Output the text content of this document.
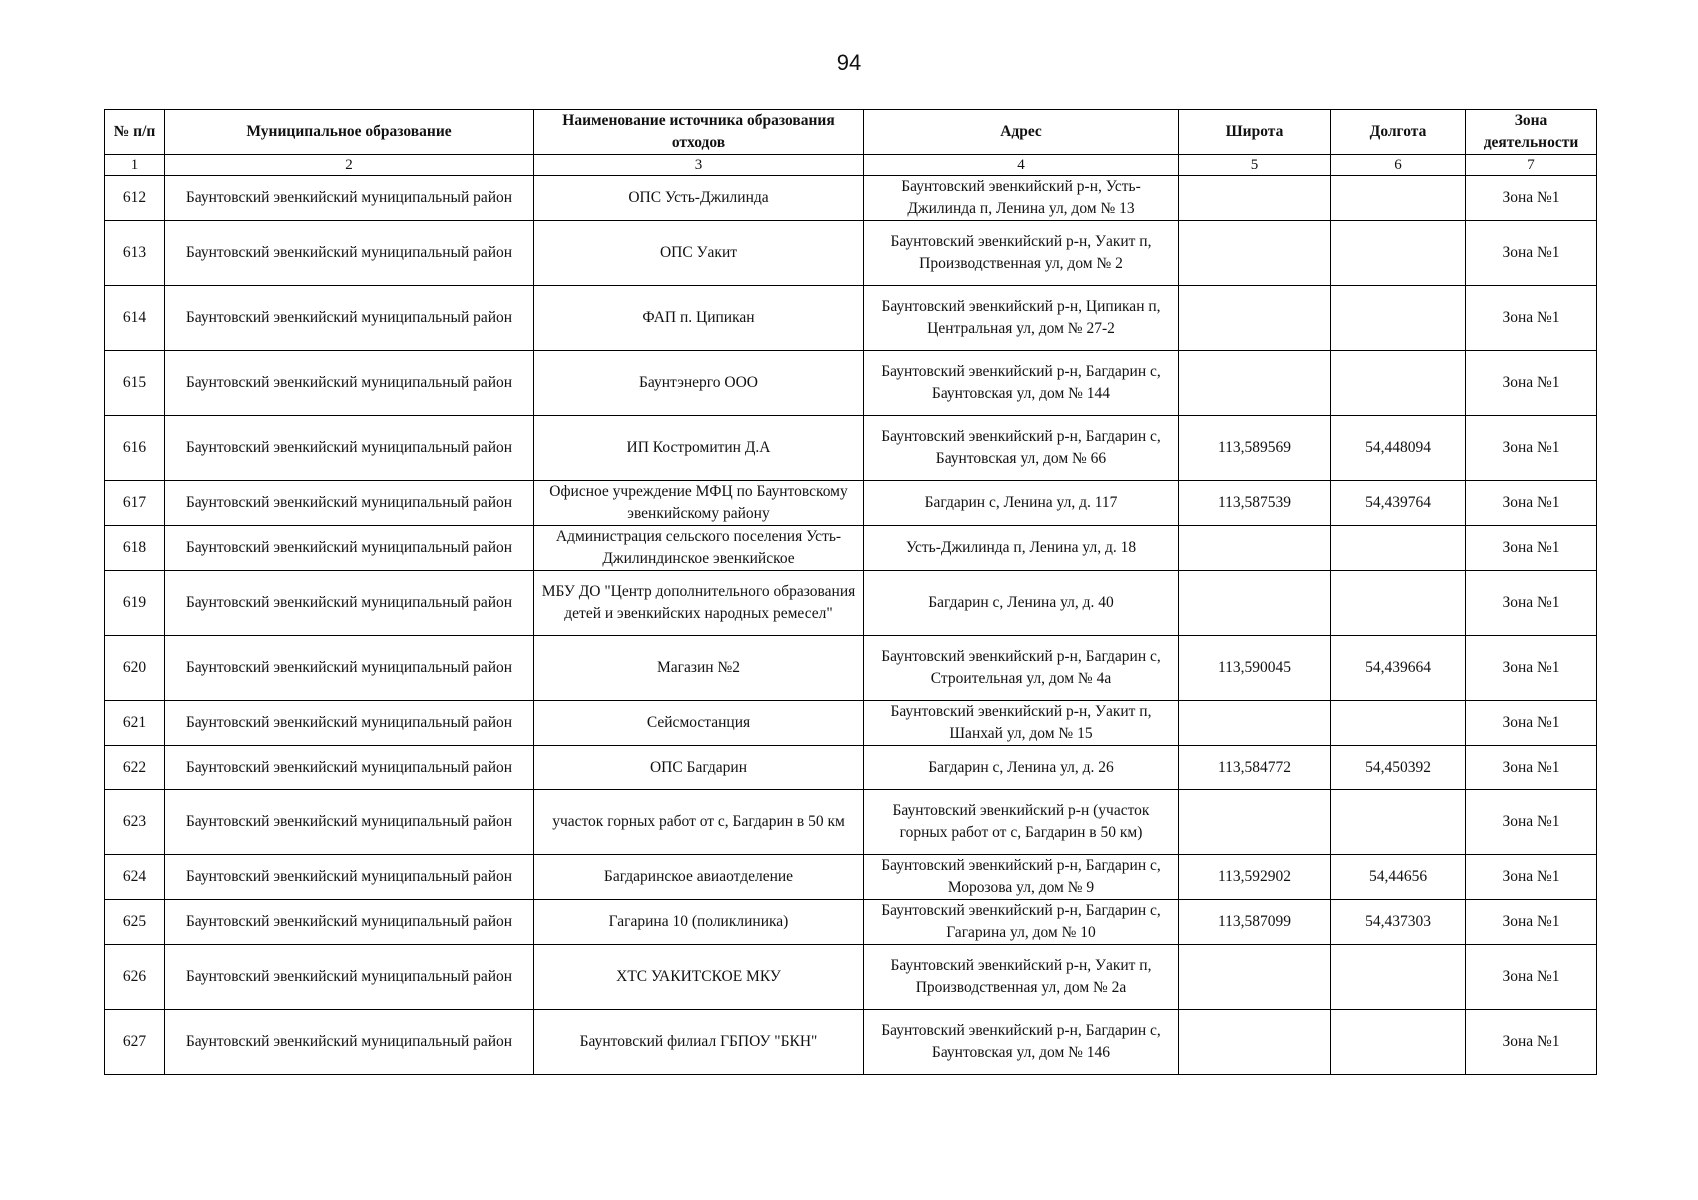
94
№ п/п	Муниципальное образование	Наименование источника образования отходов	Адрес	Широта	Долгота	Зона деятельности
1	2	3	4	5	6	7
612	Баунтовский эвенкийский муниципальный район	ОПС Усть-Джилинда	Баунтовский эвенкийский р-н, Усть-Джилинда п, Ленина ул, дом № 13			Зона №1
613	Баунтовский эвенкийский муниципальный район	ОПС Уакит	Баунтовский эвенкийский р-н, Уакит п, Производственная ул, дом № 2			Зона №1
614	Баунтовский эвенкийский муниципальный район	ФАП п. Ципикан	Баунтовский эвенкийский р-н, Ципикан п, Центральная ул, дом № 27-2			Зона №1
615	Баунтовский эвенкийский муниципальный район	Баунтэнерго ООО	Баунтовский эвенкийский р-н, Багдарин с, Баунтовская ул, дом № 144			Зона №1
616	Баунтовский эвенкийский муниципальный район	ИП Костромитин Д.А	Баунтовский эвенкийский р-н, Багдарин с, Баунтовская ул, дом № 66	113,589569	54,448094	Зона №1
617	Баунтовский эвенкийский муниципальный район	Офисное учреждение МФЦ по Баунтовскому эвенкийскому району	Багдарин с, Ленина ул, д. 117	113,587539	54,439764	Зона №1
618	Баунтовский эвенкийский муниципальный район	Администрация сельского поселения Усть-Джилиндинское эвенкийское	Усть-Джилинда п, Ленина ул, д. 18			Зона №1
619	Баунтовский эвенкийский муниципальный район	МБУ ДО "Центр дополнительного образования детей и эвенкийских народных ремесел"	Багдарин с, Ленина ул, д. 40			Зона №1
620	Баунтовский эвенкийский муниципальный район	Магазин №2	Баунтовский эвенкийский р-н, Багдарин с, Строительная ул, дом № 4а	113,590045	54,439664	Зона №1
621	Баунтовский эвенкийский муниципальный район	Сейсмостанция	Баунтовский эвенкийский р-н, Уакит п, Шанхай ул, дом № 15			Зона №1
622	Баунтовский эвенкийский муниципальный район	ОПС Багдарин	Багдарин с, Ленина ул, д. 26	113,584772	54,450392	Зона №1
623	Баунтовский эвенкийский муниципальный район	участок горных работ от с, Багдарин в 50 км	Баунтовский эвенкийский р-н (участок горных работ от с, Багдарин в 50 км)			Зона №1
624	Баунтовский эвенкийский муниципальный район	Багдаринское авиаотделение	Баунтовский эвенкийский р-н, Багдарин с, Морозова ул, дом № 9	113,592902	54,44656	Зона №1
625	Баунтовский эвенкийский муниципальный район	Гагарина 10 (поликлиника)	Баунтовский эвенкийский р-н, Багдарин с, Гагарина ул, дом № 10	113,587099	54,437303	Зона №1
626	Баунтовский эвенкийский муниципальный район	ХТС УАКИТСКОЕ МКУ	Баунтовский эвенкийский р-н, Уакит п, Производственная ул, дом № 2а			Зона №1
627	Баунтовский эвенкийский муниципальный район	Баунтовский филиал ГБПОУ "БКН"	Баунтовский эвенкийский р-н, Багдарин с, Баунтовская ул, дом № 146			Зона №1
